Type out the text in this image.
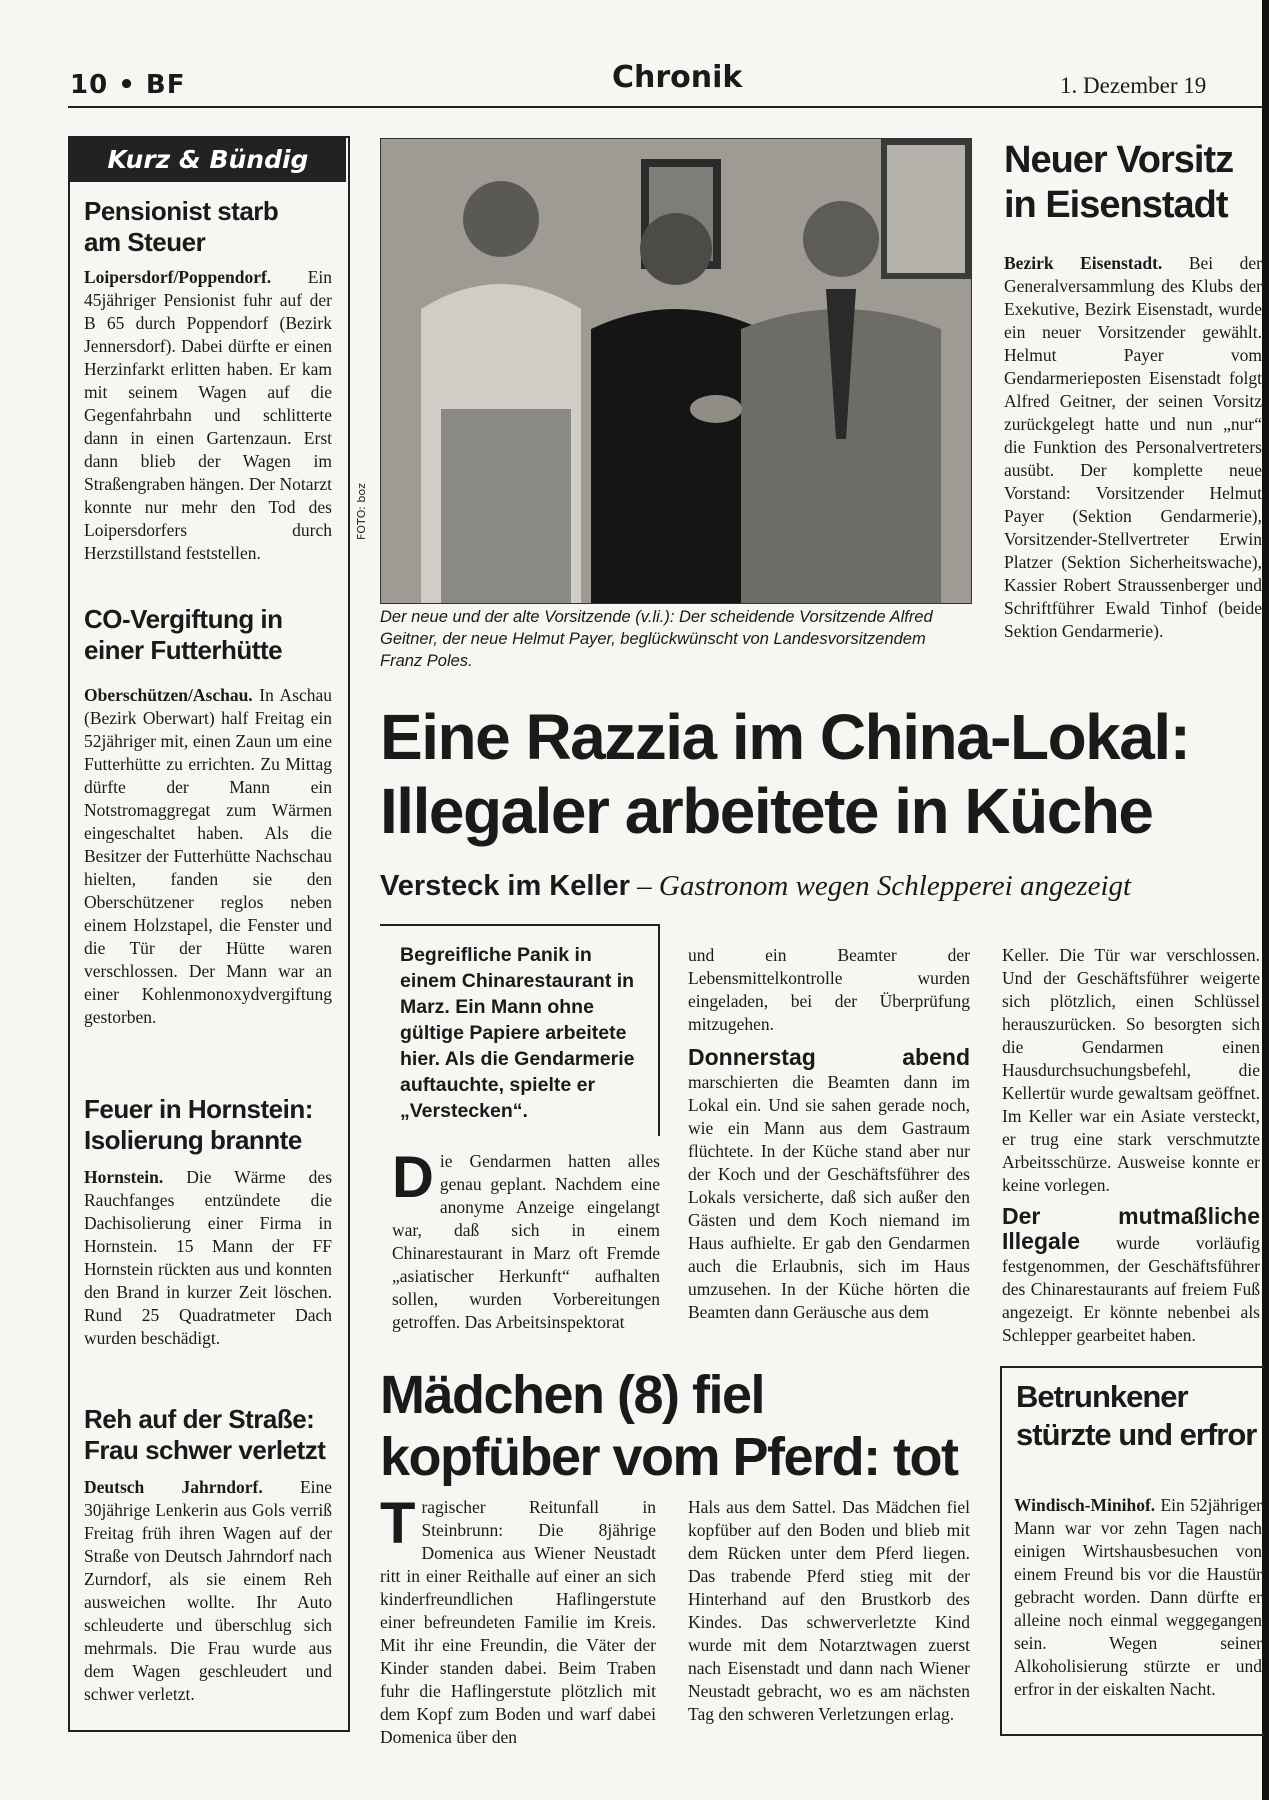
10 • BF	Chronik	1. Dezember 19
Kurz & Bündig
Pensionist starb am Steuer
Loipersdorf/Poppendorf. Ein 45jähriger Pensionist fuhr auf der B 65 durch Poppendorf (Bezirk Jennersdorf). Dabei dürfte er einen Herzinfarkt erlitten haben. Er kam mit seinem Wagen auf die Gegenfahrbahn und schlitterte dann in einen Gartenzaun. Erst dann blieb der Wagen im Straßengraben hängen. Der Notarzt konnte nur mehr den Tod des Loipersdorfers durch Herzstillstand feststellen.
CO-Vergiftung in einer Futterhütte
Oberschützen/Aschau. In Aschau (Bezirk Oberwart) half Freitag ein 52jähriger mit, einen Zaun um eine Futterhütte zu errichten. Zu Mittag dürfte der Mann ein Notstromaggregat zum Wärmen eingeschaltet haben. Als die Besitzer der Futterhütte Nachschau hielten, fanden sie den Oberschützener reglos neben einem Holzstapel, die Fenster und die Tür der Hütte waren verschlossen. Der Mann war an einer Kohlenmonoxydvergiftung gestorben.
Feuer in Hornstein: Isolierung brannte
Hornstein. Die Wärme des Rauchfanges entzündete die Dachisolierung einer Firma in Hornstein. 15 Mann der FF Hornstein rückten aus und konnten den Brand in kurzer Zeit löschen. Rund 25 Quadratmeter Dach wurden beschädigt.
Reh auf der Straße: Frau schwer verletzt
Deutsch Jahrndorf. Eine 30jährige Lenkerin aus Gols verriß Freitag früh ihren Wagen auf der Straße von Deutsch Jahrndorf nach Zurndorf, als sie einem Reh ausweichen wollte. Ihr Auto schleuderte und überschlug sich mehrmals. Die Frau wurde aus dem Wagen geschleudert und schwer verletzt.
FOTO: boz
Der neue und der alte Vorsitzende (v.li.): Der scheidende Vorsitzende Alfred Geitner, der neue Helmut Payer, beglückwünscht von Landesvorsitzendem Franz Poles.
Neuer Vorsitz in Eisenstadt
Bezirk Eisenstadt. Bei der Generalversammlung des Klubs der Exekutive, Bezirk Eisenstadt, wurde ein neuer Vorsitzender gewählt. Helmut Payer vom Gendarmerieposten Eisenstadt folgt Alfred Geitner, der seinen Vorsitz zurückgelegt hatte und nun „nur“ die Funktion des Personalvertreters ausübt. Der komplette neue Vorstand: Vorsitzender Helmut Payer (Sektion Gendarmerie), Vorsitzender-Stellvertreter Erwin Platzer (Sektion Sicherheitswache), Kassier Robert Straussenberger und Schriftführer Ewald Tinhof (beide Sektion Gendarmerie).
Eine Razzia im China-Lokal:
Illegaler arbeitete in Küche
Versteck im Keller – Gastronom wegen Schlepperei angezeigt
Begreifliche Panik in einem Chinarestaurant in Marz. Ein Mann ohne gültige Papiere arbeitete hier. Als die Gendarmerie auftauchte, spielte er „Verstecken“.

Die Gendarmen hatten alles genau geplant. Nachdem eine anonyme Anzeige eingelangt war, daß sich in einem Chinarestaurant in Marz oft Fremde „asiatischer Herkunft“ aufhalten sollen, wurden Vorbereitungen getroffen. Das Arbeitsinspektorat

und ein Beamter der Lebensmittelkontrolle wurden eingeladen, bei der Überprüfung mitzugehen.

Donnerstag abend marschierten die Beamten dann im Lokal ein. Und sie sahen gerade noch, wie ein Mann aus dem Gastraum flüchtete. In der Küche stand aber nur der Koch und der Geschäftsführer des Lokals versicherte, daß sich außer den Gästen und dem Koch niemand im Haus aufhielte. Er gab den Gendarmen auch die Erlaubnis, sich im Haus umzusehen. In der Küche hörten die Beamten dann Geräusche aus dem

Keller. Die Tür war verschlossen. Und der Geschäftsführer weigerte sich plötzlich, einen Schlüssel herauszurücken. So besorgten sich die Gendarmen einen Hausdurchsuchungsbefehl, die Kellertür wurde gewaltsam geöffnet. Im Keller war ein Asiate versteckt, er trug eine stark verschmutzte Arbeitsschürze. Ausweise konnte er keine vorlegen.

Der mutmaßliche Illegale wurde vorläufig festgenommen, der Geschäftsführer des Chinarestaurants auf freiem Fuß angezeigt. Er könnte nebenbei als Schlepper gearbeitet haben.

Mädchen (8) fiel
kopfüber vom Pferd: tot

Tragischer Reitunfall in Steinbrunn: Die 8jährige Domenica aus Wiener Neustadt ritt in einer Reithalle auf einer an sich kinderfreundlichen Haflingerstute einer befreundeten Familie im Kreis. Mit ihr eine Freundin, die Väter der Kinder standen dabei. Beim Traben fuhr die Haflingerstute plötzlich mit dem Kopf zum Boden und warf dabei Domenica über den

Hals aus dem Sattel. Das Mädchen fiel kopfüber auf den Boden und blieb mit dem Rücken unter dem Pferd liegen. Das trabende Pferd stieg mit der Hinterhand auf den Brustkorb des Kindes. Das schwerverletzte Kind wurde mit dem Notarztwagen zuerst nach Eisenstadt und dann nach Wiener Neustadt gebracht, wo es am nächsten Tag den schweren Verletzungen erlag.

Betrunkener
stürzte und erfror
Windisch-Minihof. Ein 52jähriger Mann war vor zehn Tagen nach einigen Wirtshausbesuchen von einem Freund bis vor die Haustür gebracht worden. Dann dürfte er alleine noch einmal weggegangen sein. Wegen seiner Alkoholisierung stürzte er und erfror in der eiskalten Nacht.
